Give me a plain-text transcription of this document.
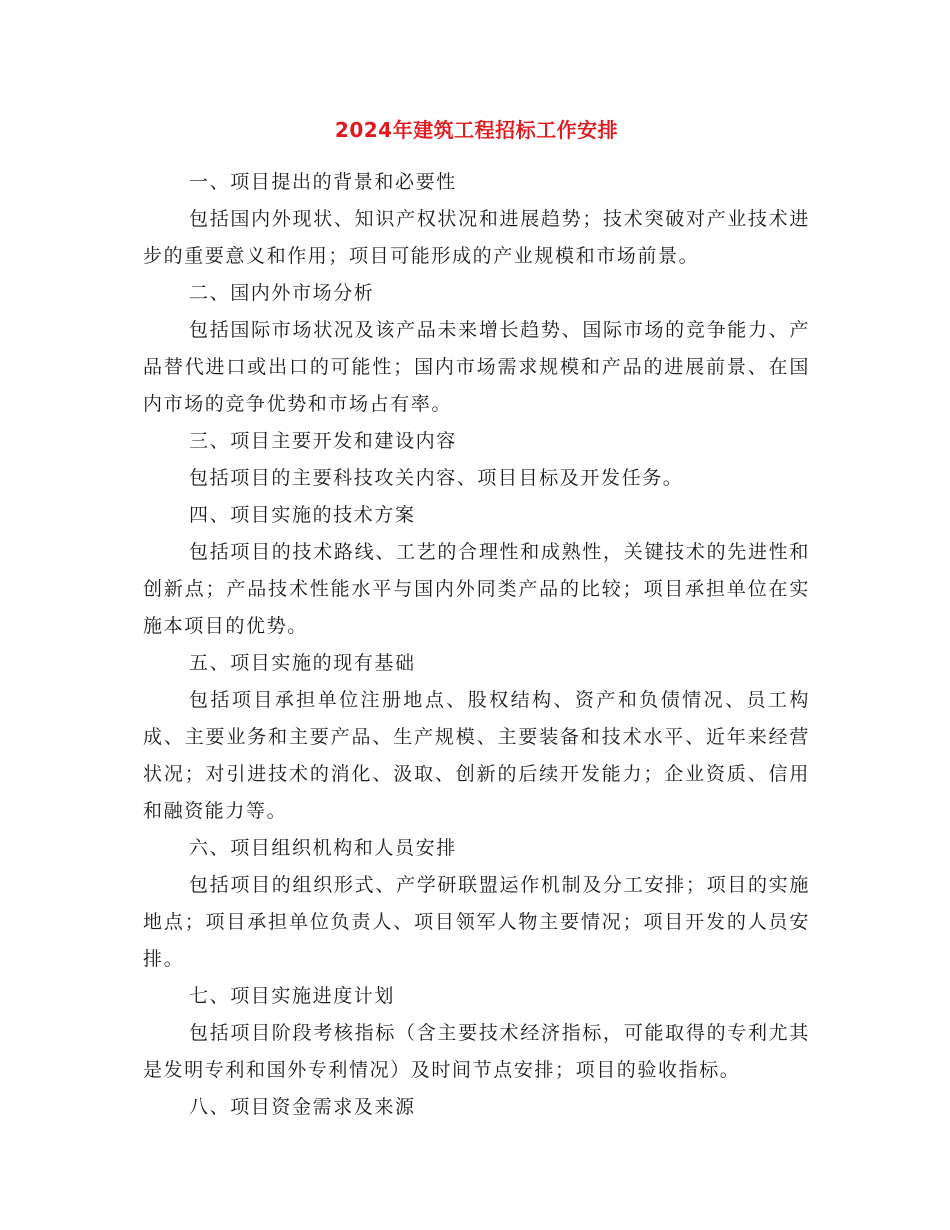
2024年建筑工程招标工作安排

一、项目提出的背景和必要性

包括国内外现状、知识产权状况和进展趋势；技术突破对产业技术进步的重要意义和作用；项目可能形成的产业规模和市场前景。

二、国内外市场分析

包括国际市场状况及该产品未来增长趋势、国际市场的竞争能力、产品替代进口或出口的可能性；国内市场需求规模和产品的进展前景、在国内市场的竞争优势和市场占有率。

三、项目主要开发和建设内容

包括项目的主要科技攻关内容、项目目标及开发任务。

四、项目实施的技术方案

包括项目的技术路线、工艺的合理性和成熟性，关键技术的先进性和创新点；产品技术性能水平与国内外同类产品的比较；项目承担单位在实施本项目的优势。

五、项目实施的现有基础

包括项目承担单位注册地点、股权结构、资产和负债情况、员工构成、主要业务和主要产品、生产规模、主要装备和技术水平、近年来经营状况；对引进技术的消化、汲取、创新的后续开发能力；企业资质、信用和融资能力等。

六、项目组织机构和人员安排

包括项目的组织形式、产学研联盟运作机制及分工安排；项目的实施地点；项目承担单位负责人、项目领军人物主要情况；项目开发的人员安排。

七、项目实施进度计划

包括项目阶段考核指标（含主要技术经济指标，可能取得的专利尤其是发明专利和国外专利情况）及时间节点安排；项目的验收指标。

八、项目资金需求及来源
